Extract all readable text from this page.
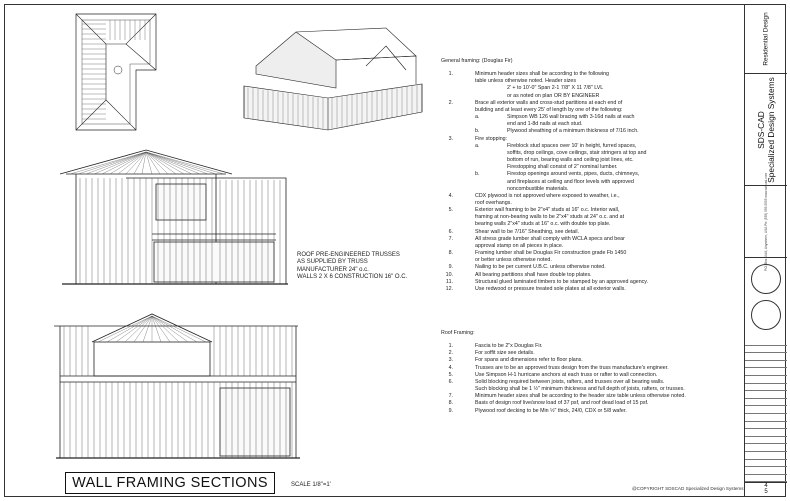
ROOF PRE-ENGINEERED TRUSSES
AS SUPPLIED BY TRUSS
MANUFACTURER 24" o.c.
WALLS 2 X 6 CONSTRUCTION 16" O.C.
WALL FRAMING SECTIONS	SCALE 1/8"=1'
General framing: (Douglas Fir)
1.	Minimum header sizes shall be according to the following
table unless otherwise noted. Header sizes
2' + to 10'-0" Span 2-1 7/8" X 11 7/8" LVL
or as noted on plan OR BY ENGINEER
2.	Brace all exterior walls and cross-stud partitions at each end of
building and at least every 25' of length by one of the following:
a.	Simpson WB 126 wall bracing with 3-16d nails at each
end and 1-8d nails at each stud.
b.	Plywood sheathing of a minimum thickness of 7/16 inch.
3.	Fire stopping:
a.	Fireblock stud spaces over 10' in height, furred spaces,
soffits, drop ceilings, cove ceilings, stair stringers at top and
bottom of run, bearing walls and ceiling joist lines, etc.
Firestopping shall consist of 2" nominal lumber.
b.	Firestop openings around vents, pipes, ducts, chimneys,
and fireplaces at ceiling and floor levels with approved
noncombustible materials.
4.	CDX plywood is not approved where exposed to weather, i.e.,
roof overhangs.
5.	Exterior wall framing to be 2"x4" studs at 16" o.c. Interior wall,
framing at non-bearing walls to be 2"x4" studs at 24" o.c. and at
bearing walls 2"x4" studs at 16" o.c. with double top plate.
6.	Shear wall to be 7/16" Sheathing, see detail.
7.	All stress grade lumber shall comply with WCLA specs and bear
approval stamp on all pieces in place.
8.	Framing lumber shall be Douglas Fir construction grade Fb 1450
or better unless otherwise noted.
9.	Nailing to be per current U.B.C. unless otherwise noted.
10.	All bearing partitions shall have double top plates.
11.	Structural glued laminated timbers to be stamped by an approved agency.
12.	Use redwood or pressure treated sole plates at all exterior walls.
Roof Framing:
1.	Fascia to be 2"x Douglas Fir.
2.	For soffit size see details.
3.	For spans and dimensions refer to floor plans.
4.	Trusses are to be an approved truss design from the truss manufacture's engineer.
5.	Use Simpson H-1 hurricane anchors at each truss or rafter to wall connection.
6.	Solid blocking required between joists, rafters, and trusses over all bearing walls.
Such blocking shall be 1 ½" minimum thickness and full depth of joists, rafters, or trusses.
7.	Minimum header sizes shall be according to the header size table unless otherwise noted.
8.	Basis of design roof live/snow load of 37 psf, and roof dead load of 15 psf.
9.	Plywood roof decking to be Min ½" thick, 24/0, CDX or 5/8 wafer.
@COPYRIGHT SDSCAD Specialized Design Systems
Residential Design
SDS-CAD Specialized Design Systems
P.O. Box ####, Anywhere, USA Ph: (555) 555-5555 www.sdscad.com
4
5
